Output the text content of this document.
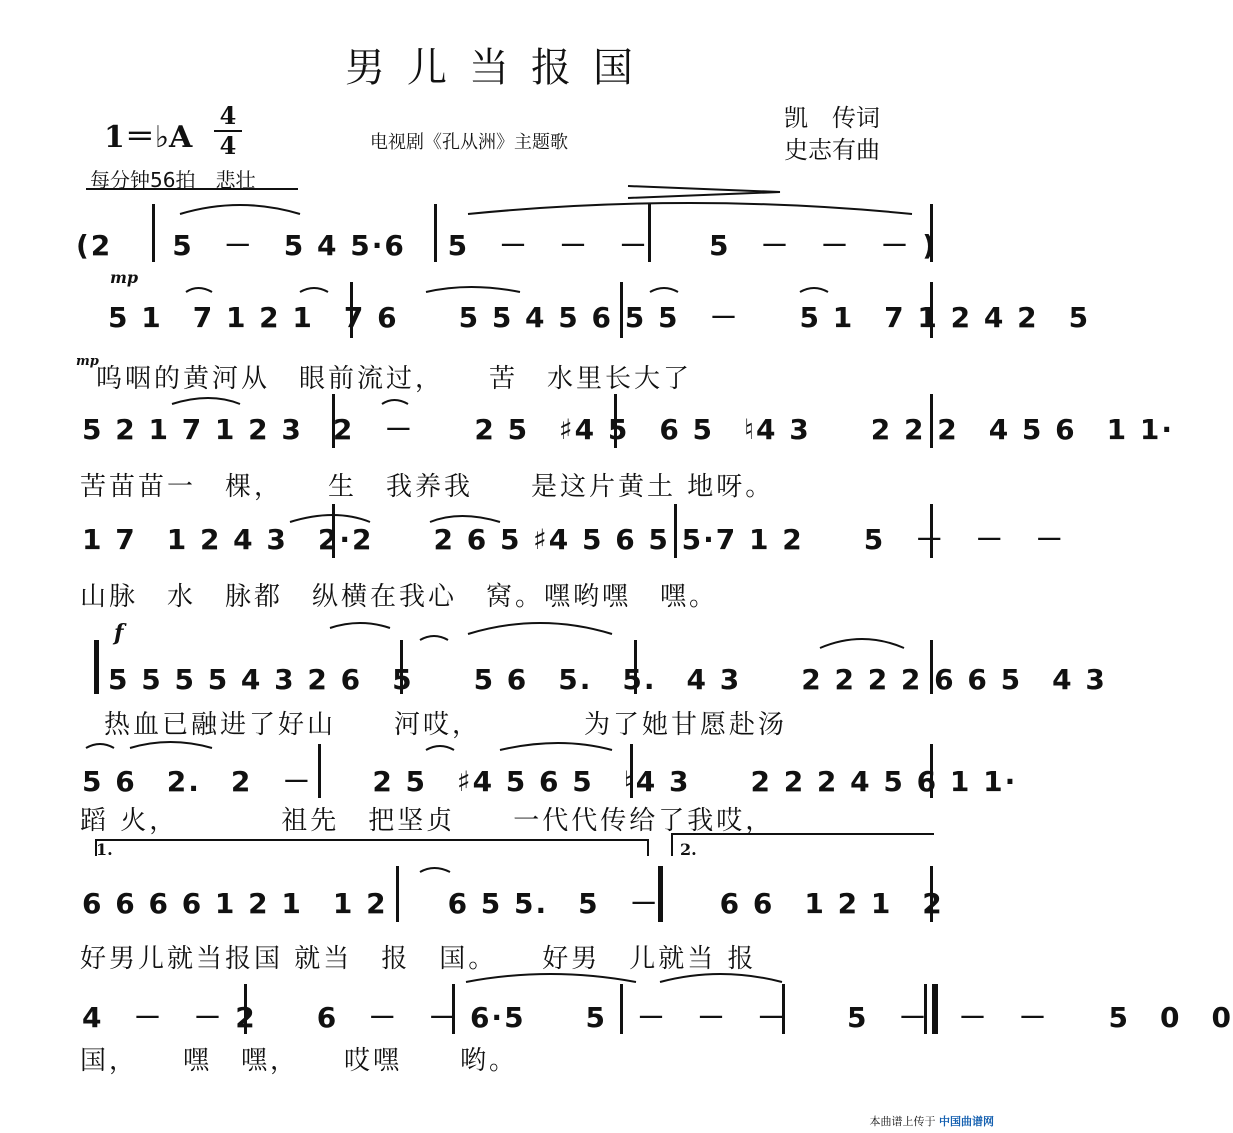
男儿当报国
1＝♭A
4
4	电视剧《孔从洲》主题歌
凯　传词
史志有曲
每分钟56拍　悲壮
mp
mp
f
(2　　5　－　5 4 5·6　 5　－　－　－　　5　－　－　－ )
5 1　7 1 2 1　7 6　　5 5 4 5 6 5 5　－　　5 1　7 1 2 4 2　5
呜咽的黄河从　眼前流过，　　苦　水里长大了
5 2 1 7 1 2 3　2　－　　2 5　♯4 5　6 5　♮4 3　　2 2 2　4 5 6　1 1·
苦苗苗一　棵，　　生　我养我　　是这片黄土 地呀。
1 7　1 2 4 3　2·2　　2 6 5 ♯4 5 6 5 5·7 1 2　　5　－　－　－
山脉　水　脉都　纵横在我心　窝。嘿哟嘿　嘿。
5 5 5 5 4 3 2 6　5　　5 6　5.　5.　4 3　　2 2 2 2 6 6 5　4 3
热血已融进了好山　　河哎，　　　　为了她甘愿赴汤
5 6　2.　2　－　　2 5　♯4 5 6 5　♮4 3　　2 2 2 4 5 6 1 1·
蹈 火，　　　　祖先　把坚贞　　一代代传给了我哎，
1.	2.
6 6 6 6 1 2 1　1 2　　6 5 5.　5　－　　6 6　1 2 1　2
好男儿就当报国 就当　报　国。　　好男　儿就当 报
4　－　－ 2　　6　－　－ 6·5　　5　－　－　－　　5　－　－　－　　5　0　0
国，　　嘿　嘿，　　哎嘿　　哟。
本曲谱上传于 中国曲谱网
